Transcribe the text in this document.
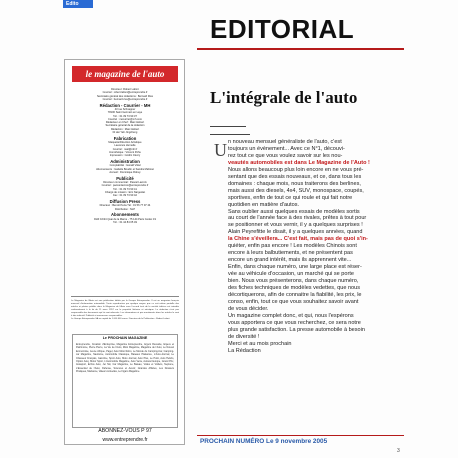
Edito
EDITORIAL
le magazine de l'auto
Directeur: Robert Lafont
Courriel : robert.lafont@entreprendre.fr
Secrétaire général des rédactions : Bernard Rive
Courriel : bernard.rive@entreprendre.fr
Rédaction - Courrier - MH
43 rue Schnapper
78100 Saint Germain en Laye
Tél. : 01 39 73 90 37
Courriel : mcourrier@mh.com
Rédacteur en Chef : Marc Hébert
Secrétaire général de la rédaction
Rédaction : Marc Hébert
Di Hei Yah Jingcheng
Fabrication
Maquette/Direction Artistique
Laurence Hurnelle
Courriel : mail@mh.fr
Iconothèque : Vincent Pohu
Impression : Cédric Clercy
Administration
Comptabilité : Gérald Vidal
Abonnements : Isabelle Boudin et Sandra Mahiout
Accueil : Dominique Robuy
Publicité
Directeur commercial : Pascal Lacroix
Courriel : paccal.lacroix@entreprendre.fr
Tél. : 01 39 73 90 41
Chargé de mission : Eric Nargeolet
Fax : 01 39 73 90 42
Diffusion Press
Directeur : Benoît Peria Tél : 01 56 77 07 44
Distribution : NLP
Abonnements
DHF 16/24 Quai de la Marne - 75 144 Paris Cedex 19
Tél. : 01 44 84 05 49
Le Magazine de l'Auto est une publication éditée par le Groupe Entreprendre. Il est un magazine français mensuel d'information automobile. Toute reproduction par quelque moyen que ce soit même partielle des articles et photos publiés dans le Magazine de l'Auto sans l'accord écrit de la société éditrice est interdite conformément à la loi du 11 mars 1957 sur la propriété littéraire et artistique. La rédaction n'est pas responsable des documents qui lui sont adressés. Les informations et prix mentionnés dans les articles le sont à titre indicatif. Publicité et annonceurs responsables.
Le Groupe Entreprendre SA au capital de 1 000 000 euros. Directeur de la Publication : Robert Lafont.
Le PROCHAIN MAGAZINE
Entreprendre, Création d'Entreprise, Magazine Entreprendre, Argent Réussite, Enjeux et Patrimoine, Pierre Pierre, La Vie de l'Auto, Moto Magazine, Magazine de l'Auto, Le Nouvel Economiste, Jeune Afrique, Pagel, Auto Moto Rétro, Le Monde du Camping-Car, Camping-car Magazine, Nautisme, Automobile Classique, Bateaux Plaisance, L'Auto-Journal, Le Chasseur Français, Gazoline, Sport Auto, Moto Journal, Auto Plus, Le Point, Auto Hebdo, Option Auto, Motor Sport, L'Automobile Magazine, Auto Verte, Autocar Europe, Grand Prix, Aviasport, Échos Auto, Jet Ski, Car Magazine, Le Bateau, Voiles et Voiliers, Neptune, L'Essentiel de l'Auto, Défense, Sciences et Avenir, Grandes Affaires, Les Dossiers Pratiques, Marianne, Valeurs Actuelles, Le Figaro Magazine.
ABONNEZ-VOUS P 97
www.entreprendre.fr
L'intégrale de l'auto
U n nouveau mensuel généraliste de l'auto, c'est
toujours un évènement... Avec ce N°1, découvi-
rez tout ce que vous voulez savoir sur les nou-
veautés automobiles est dans Le Magazine de l'Auto !
Nous allons beaucoup plus loin encore en ne vous pré-
sentant que des essais nouveaux, et ce, dans tous les
domaines : chaque mois, nous traiterons des berlines,
mais aussi des diesels, 4x4, SUV, monospace, coupés,
sportives, enfin de tout ce qui roule et qui fait notre
quotidien en matière d'autos.

Sans oublier aussi quelques essais de modèles sortis
au court de l'année face à des rivales, prêtes à tout pour
se positionner et vous vernir, il y a quelques surprises !
Alain Peyrefitte le disait, il y a quelques années, quand
la Chine s'éveillera... C'est fait, mais pas de quoi s'in-
quiéter, enfin pas encore ! Les modèles Chinois sont
encore à leurs balbutiements, et ne présentent pas
encore un grand intérêt, mais ils apprennent vite...

Enfin, dans chaque numéro, une large place est réser-
vée au véhicule d'occasion, un marché qui se porte
bien. Nous vous présenterons, dans chaque numéro,
des fiches techniques de modèles vedettes, que nous
décortiquerons, afin de connaitre la fiabilité, les prix, le
conso, enfin, tout ce que vous souhaitez savoir avant
de vous décider.

Un magazine complet donc, et qui, nous l'espérons
vous apportera ce que vous recherchez, ce sera notre
plus grande satisfaction. La presse automobile à besoin
de diversité !

Merci et au mois prochain
La Rédaction

PROCHAIN NUMÉRO Le 9 novembre 2005
3
